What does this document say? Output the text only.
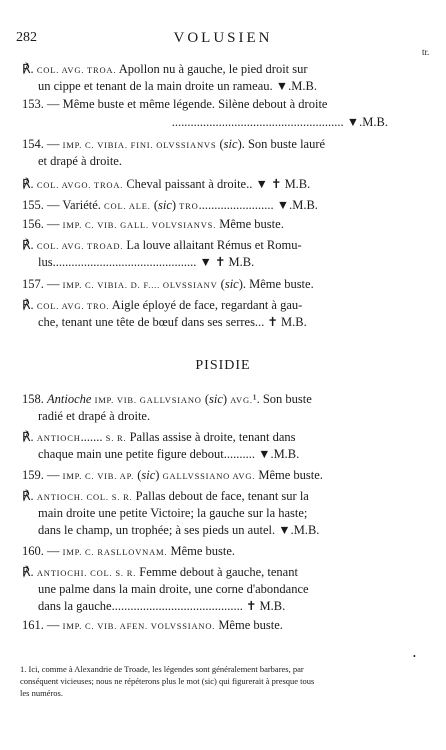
282	VOLUSIEN
tr.
℟. COL. AVG. TROA. Apollon nu à gauche, le pied droit sur
un cippe et tenant de la main droite un rameau. ▼.M.B.
153. — Même buste et même légende. Silène debout à droite
....................................................... ▼.M.B.
154. — IMP. C. VIBIA. FINI. OLVSSIANVS (sic). Son buste lauré
et drapé à droite.
℟. COL. AVGO. TROA. Cheval paissant à droite.. ▼ ✝ M.B.
155. — Variété. COL. ALE. (sic) TRO........................ ▼.M.B.
156. — IMP. C. VIB. GALL. VOLVSIANVS. Même buste.
℟. COL. AVG. TROAD. La louve allaitant Rémus et Romu-
lus.............................................. ▼ ✝ M.B.
157. — IMP. C. VIBIA. D. F.... OLVSSIANV (sic). Même buste.
℟. COL. AVG. TRO. Aigle éployé de face, regardant à gau-
che, tenant une tête de bœuf dans ses serres... ✝ M.B.
158. Antioche IMP. VIB. GALLVSIANO (sic) AVG.¹. Son buste
radié et drapé à droite.
℟. ANTIOCH....... S. R. Pallas assise à droite, tenant dans
chaque main une petite figure debout.......... ▼.M.B.
159. — IMP. C. VIB. AP. (sic) GALLVSSIANO AVG. Même buste.
℟. ANTIOCH. COL. S. R. Pallas debout de face, tenant sur la
main droite une petite Victoire; la gauche sur la haste;
dans le champ, un trophée; à ses pieds un autel. ▼.M.B.
160. — IMP. C. RASLLOVNAM. Même buste.
℟. ANTIOCHI. COL. S. R. Femme debout à gauche, tenant
une palme dans la main droite, une corne d'abondance
dans la gauche.......................................... ✝ M.B.
161. — IMP. C. VIB. AFEN. VOLVSSIANO. Même buste.
PISIDIE
•
1. Ici, comme à Alexandrie de Troade, les légendes sont généralement barbares, par
conséquent vicieuses; nous ne répéterons plus le mot (sic) qui figurerait à presque tous
les numéros.
